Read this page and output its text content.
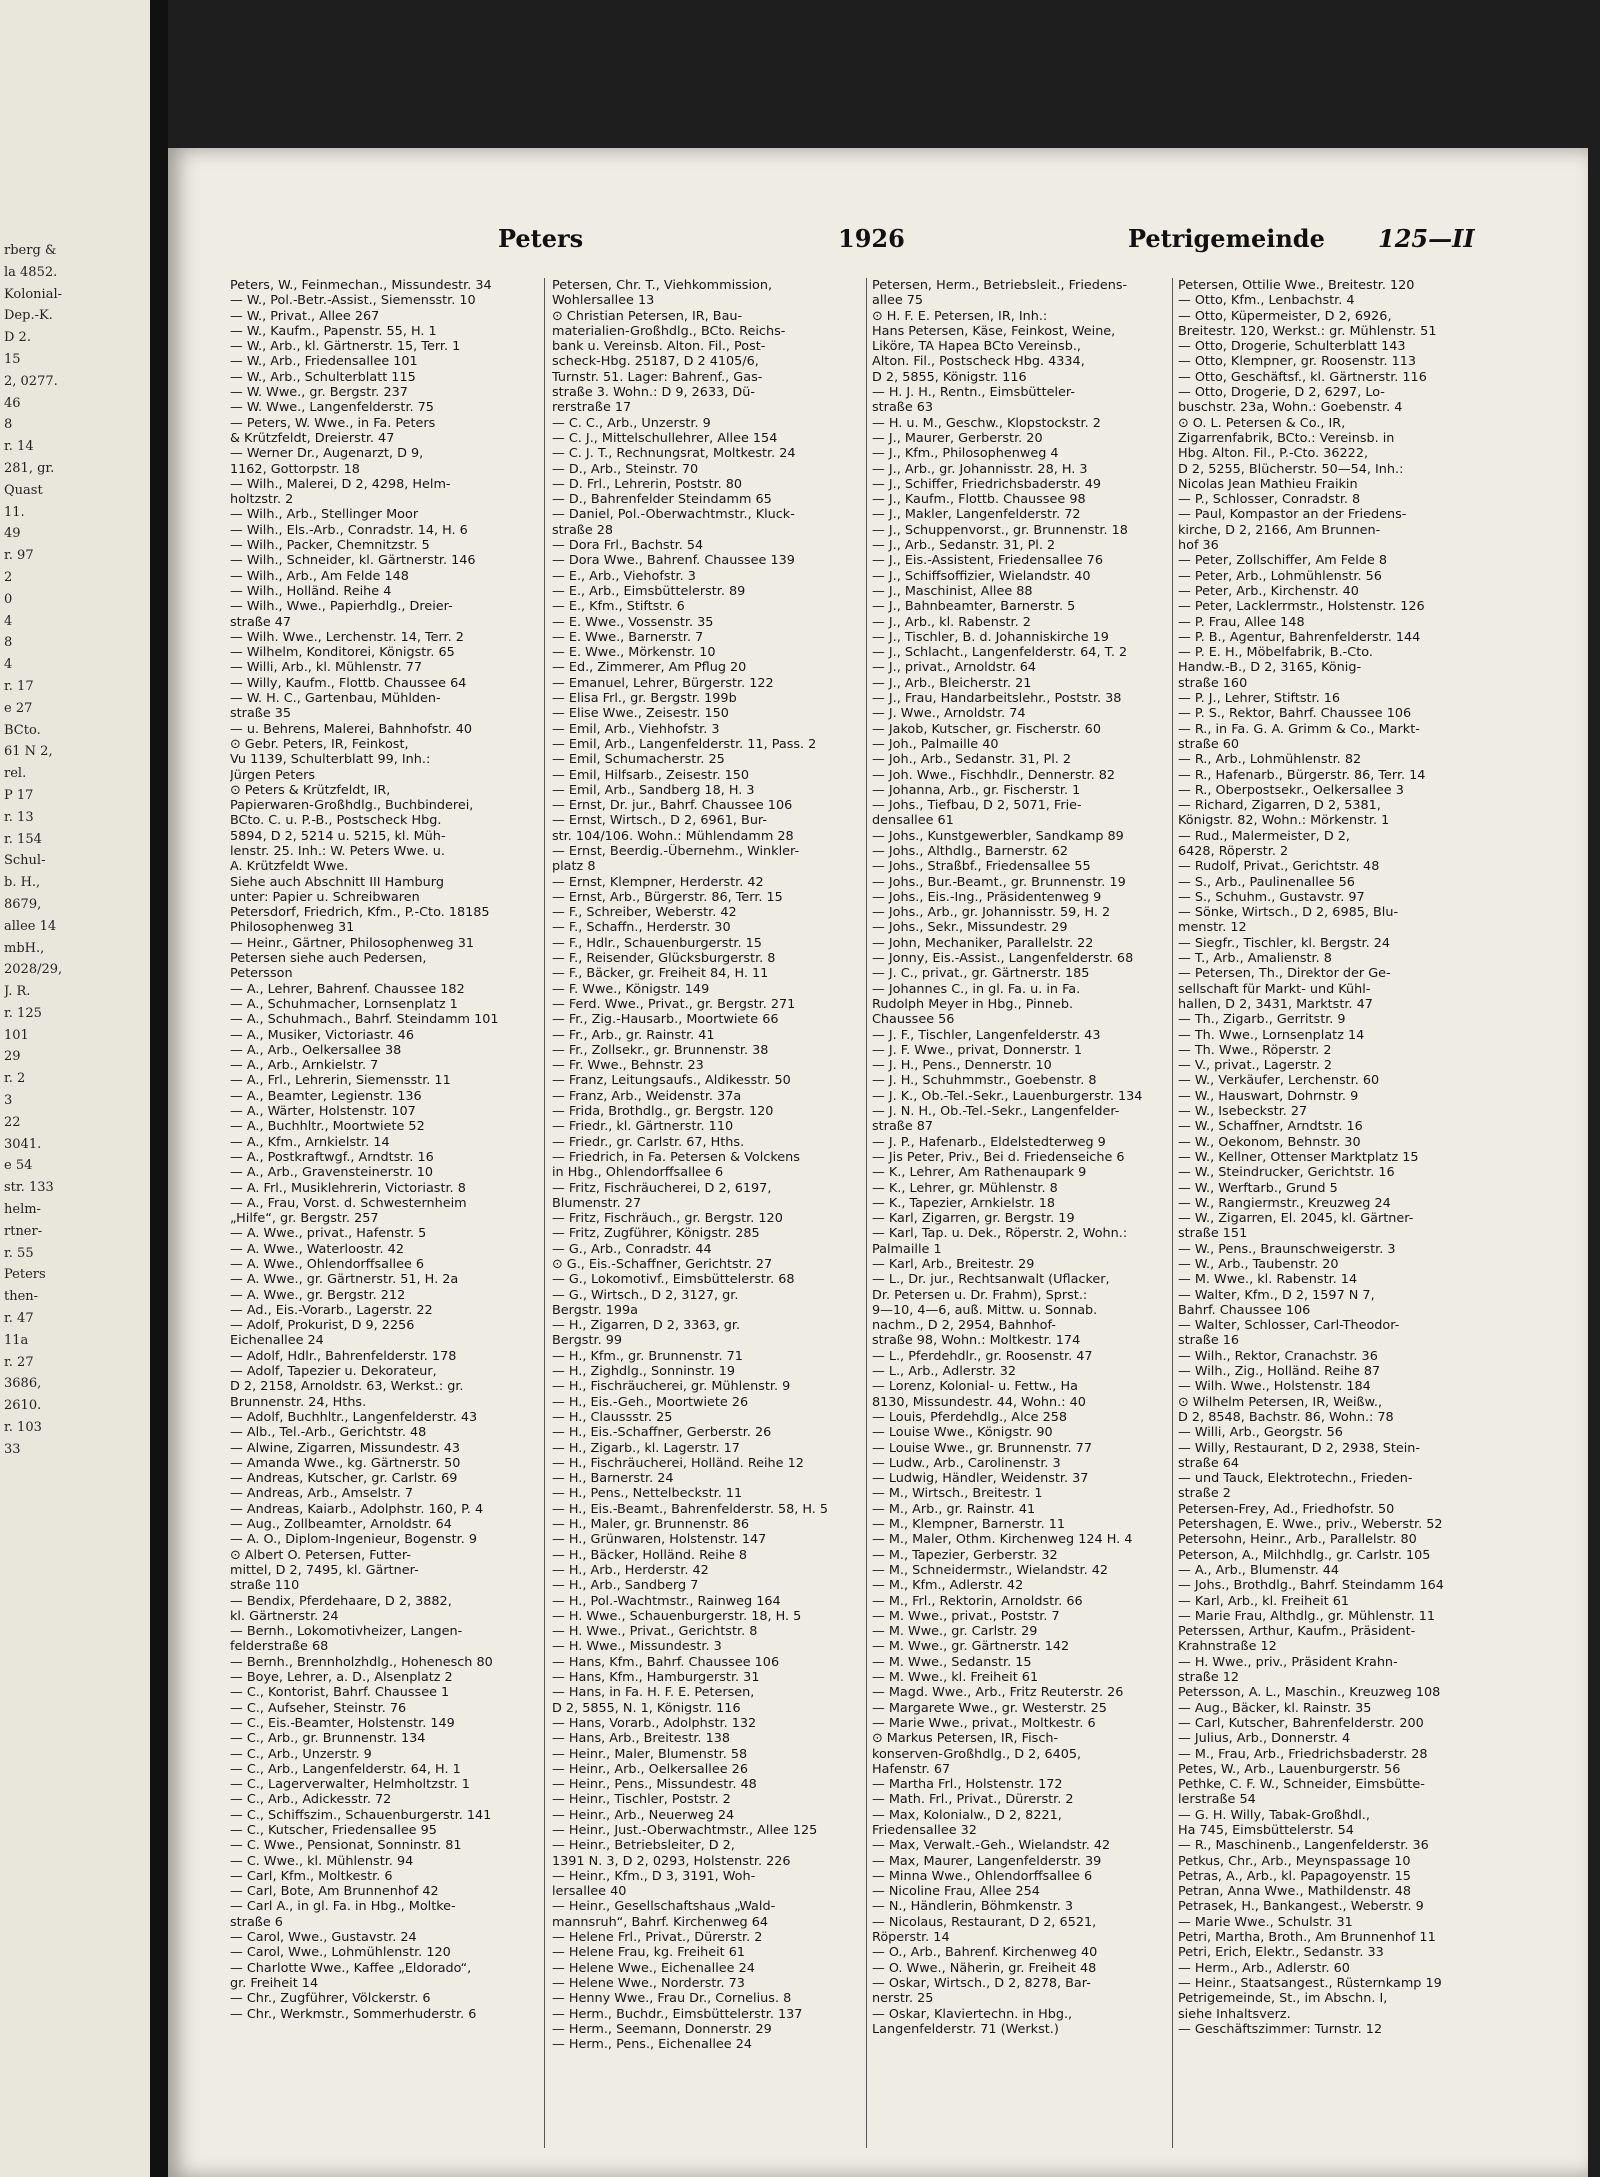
rberg &
la 4852.
Kolonial-
Dep.-K.
D 2.
15
2, 0277.
46
8
r. 14
281, gr.
Quast
11.
49
r. 97
2
0
4
8
4
r. 17
e 27
BCto.
61 N 2,
rel.
P 17
r. 13
r. 154
Schul-
b. H.,
8679,
allee 14
mbH.,
2028/29,
J. R.
r. 125
101
29
r. 2
3
22
3041.
e 54
str. 133
helm-
rtner-
r. 55
Peters
then-
r. 47
11a
r. 27
3686,
2610.
r. 103
33
Peters	1926	Petrigemeinde 125—II
Peters, W., Feinmechan., Missundestr. 34
— W., Pol.-Betr.-Assist., Siemensstr. 10
— W., Privat., Allee 267
— W., Kaufm., Papenstr. 55, H. 1
— W., Arb., kl. Gärtnerstr. 15, Terr. 1
— W., Arb., Friedensallee 101
— W., Arb., Schulterblatt 115
— W. Wwe., gr. Bergstr. 237
— W. Wwe., Langenfelderstr. 75
— Peters, W. Wwe., in Fa. Peters
& Krützfeldt, Dreierstr. 47
— Werner Dr., Augenarzt, D 9,
1162, Gottorpstr. 18
— Wilh., Malerei, D 2, 4298, Helm-
holtzstr. 2
— Wilh., Arb., Stellinger Moor
— Wilh., Els.-Arb., Conradstr. 14, H. 6
— Wilh., Packer, Chemnitzstr. 5
— Wilh., Schneider, kl. Gärtnerstr. 146
— Wilh., Arb., Am Felde 148
— Wilh., Holländ. Reihe 4
— Wilh., Wwe., Papierhdlg., Dreier-
straße 47
— Wilh. Wwe., Lerchenstr. 14, Terr. 2
— Wilhelm, Konditorei, Königstr. 65
— Willi, Arb., kl. Mühlenstr. 77
— Willy, Kaufm., Flottb. Chaussee 64
— W. H. C., Gartenbau, Mühlden-
straße 35
— u. Behrens, Malerei, Bahnhofstr. 40
⊙ Gebr. Peters, IR, Feinkost,
Vu 1139, Schulterblatt 99, Inh.:
Jürgen Peters
⊙ Peters & Krützfeldt, IR,
Papierwaren-Großhdlg., Buchbinderei,
BCto. C. u. P.-B., Postscheck Hbg.
5894, D 2, 5214 u. 5215, kl. Müh-
lenstr. 25. Inh.: W. Peters Wwe. u.
A. Krützfeldt Wwe.
Siehe auch Abschnitt III Hamburg
unter: Papier u. Schreibwaren
Petersdorf, Friedrich, Kfm., P.-Cto. 18185
Philosophenweg 31
— Heinr., Gärtner, Philosophenweg 31
Petersen siehe auch Pedersen,
Petersson
— A., Lehrer, Bahrenf. Chaussee 182
— A., Schuhmacher, Lornsenplatz 1
— A., Schuhmach., Bahrf. Steindamm 101
— A., Musiker, Victoriastr. 46
— A., Arb., Oelkersallee 38
— A., Arb., Arnkielstr. 7
— A., Frl., Lehrerin, Siemensstr. 11
— A., Beamter, Legienstr. 136
— A., Wärter, Holstenstr. 107
— A., Buchhltr., Moortwiete 52
— A., Kfm., Arnkielstr. 14
— A., Postkraftwgf., Arndtstr. 16
— A., Arb., Gravensteinerstr. 10
— A. Frl., Musiklehrerin, Victoriastr. 8
— A., Frau, Vorst. d. Schwesternheim
„Hilfe“, gr. Bergstr. 257
— A. Wwe., privat., Hafenstr. 5
— A. Wwe., Waterloostr. 42
— A. Wwe., Ohlendorffsallee 6
— A. Wwe., gr. Gärtnerstr. 51, H. 2a
— A. Wwe., gr. Bergstr. 212
— Ad., Eis.-Vorarb., Lagerstr. 22
— Adolf, Prokurist, D 9, 2256
Eichenallee 24
— Adolf, Hdlr., Bahrenfelderstr. 178
— Adolf, Tapezier u. Dekorateur,
D 2, 2158, Arnoldstr. 63, Werkst.: gr.
Brunnenstr. 24, Hths.
— Adolf, Buchhltr., Langenfelderstr. 43
— Alb., Tel.-Arb., Gerichtstr. 48
— Alwine, Zigarren, Missundestr. 43
— Amanda Wwe., kg. Gärtnerstr. 50
— Andreas, Kutscher, gr. Carlstr. 69
— Andreas, Arb., Amselstr. 7
— Andreas, Kaiarb., Adolphstr. 160, P. 4
— Aug., Zollbeamter, Arnoldstr. 64
— A. O., Diplom-Ingenieur, Bogenstr. 9
⊙ Albert O. Petersen, Futter-
mittel, D 2, 7495, kl. Gärtner-
straße 110
— Bendix, Pferdehaare, D 2, 3882,
kl. Gärtnerstr. 24
— Bernh., Lokomotivheizer, Langen-
felderstraße 68
— Bernh., Brennholzhdlg., Hohenesch 80
— Boye, Lehrer, a. D., Alsenplatz 2
— C., Kontorist, Bahrf. Chaussee 1
— C., Aufseher, Steinstr. 76
— C., Eis.-Beamter, Holstenstr. 149
— C., Arb., gr. Brunnenstr. 134
— C., Arb., Unzerstr. 9
— C., Arb., Langenfelderstr. 64, H. 1
— C., Lagerverwalter, Helmholtzstr. 1
— C., Arb., Adickesstr. 72
— C., Schiffszim., Schauenburgerstr. 141
— C., Kutscher, Friedensallee 95
— C. Wwe., Pensionat, Sonninstr. 81
— C. Wwe., kl. Mühlenstr. 94
— Carl, Kfm., Moltkestr. 6
— Carl, Bote, Am Brunnenhof 42
— Carl A., in gl. Fa. in Hbg., Moltke-
straße 6
— Carol, Wwe., Gustavstr. 24
— Carol, Wwe., Lohmühlenstr. 120
— Charlotte Wwe., Kaffee „Eldorado“,
gr. Freiheit 14
— Chr., Zugführer, Völckerstr. 6
— Chr., Werkmstr., Sommerhuderstr. 6
Petersen, Chr. T., Viehkommission,
Wohlersallee 13
⊙ Christian Petersen, IR, Bau-
materialien-Großhdlg., BCto. Reichs-
bank u. Vereinsb. Alton. Fil., Post-
scheck-Hbg. 25187, D 2 4105/6,
Turnstr. 51. Lager: Bahrenf., Gas-
straße 3. Wohn.: D 9, 2633, Dü-
rerstraße 17
— C. C., Arb., Unzerstr. 9
— C. J., Mittelschullehrer, Allee 154
— C. J. T., Rechnungsrat, Moltkestr. 24
— D., Arb., Steinstr. 70
— D. Frl., Lehrerin, Poststr. 80
— D., Bahrenfelder Steindamm 65
— Daniel, Pol.-Oberwachtmstr., Kluck-
straße 28
— Dora Frl., Bachstr. 54
— Dora Wwe., Bahrenf. Chaussee 139
— E., Arb., Viehofstr. 3
— E., Arb., Eimsbüttelerstr. 89
— E., Kfm., Stiftstr. 6
— E. Wwe., Vossenstr. 35
— E. Wwe., Barnerstr. 7
— E. Wwe., Mörkenstr. 10
— Ed., Zimmerer, Am Pflug 20
— Emanuel, Lehrer, Bürgerstr. 122
— Elisa Frl., gr. Bergstr. 199b
— Elise Wwe., Zeisestr. 150
— Emil, Arb., Viehhofstr. 3
— Emil, Arb., Langenfelderstr. 11, Pass. 2
— Emil, Schumacherstr. 25
— Emil, Hilfsarb., Zeisestr. 150
— Emil, Arb., Sandberg 18, H. 3
— Ernst, Dr. jur., Bahrf. Chaussee 106
— Ernst, Wirtsch., D 2, 6961, Bur-
str. 104/106. Wohn.: Mühlendamm 28
— Ernst, Beerdig.-Übernehm., Winkler-
platz 8
— Ernst, Klempner, Herderstr. 42
— Ernst, Arb., Bürgerstr. 86, Terr. 15
— F., Schreiber, Weberstr. 42
— F., Schaffn., Herderstr. 30
— F., Hdlr., Schauenburgerstr. 15
— F., Reisender, Glücksburgerstr. 8
— F., Bäcker, gr. Freiheit 84, H. 11
— F. Wwe., Königstr. 149
— Ferd. Wwe., Privat., gr. Bergstr. 271
— Fr., Zig.-Hausarb., Moortwiete 66
— Fr., Arb., gr. Rainstr. 41
— Fr., Zollsekr., gr. Brunnenstr. 38
— Fr. Wwe., Behnstr. 23
— Franz, Leitungsaufs., Aldikesstr. 50
— Franz, Arb., Weidenstr. 37a
— Frida, Brothdlg., gr. Bergstr. 120
— Friedr., kl. Gärtnerstr. 110
— Friedr., gr. Carlstr. 67, Hths.
— Friedrich, in Fa. Petersen & Volckens
in Hbg., Ohlendorffsallee 6
— Fritz, Fischräucherei, D 2, 6197,
Blumenstr. 27
— Fritz, Fischräuch., gr. Bergstr. 120
— Fritz, Zugführer, Königstr. 285
— G., Arb., Conradstr. 44
⊙ G., Eis.-Schaffner, Gerichtstr. 27
— G., Lokomotivf., Eimsbüttelerstr. 68
— G., Wirtsch., D 2, 3127, gr.
Bergstr. 199a
— H., Zigarren, D 2, 3363, gr.
Bergstr. 99
— H., Kfm., gr. Brunnenstr. 71
— H., Zighdlg., Sonninstr. 19
— H., Fischräucherei, gr. Mühlenstr. 9
— H., Eis.-Geh., Moortwiete 26
— H., Claussstr. 25
— H., Eis.-Schaffner, Gerberstr. 26
— H., Zigarb., kl. Lagerstr. 17
— H., Fischräucherei, Holländ. Reihe 12
— H., Barnerstr. 24
— H., Pens., Nettelbeckstr. 11
— H., Eis.-Beamt., Bahrenfelderstr. 58, H. 5
— H., Maler, gr. Brunnenstr. 86
— H., Grünwaren, Holstenstr. 147
— H., Bäcker, Holländ. Reihe 8
— H., Arb., Herderstr. 42
— H., Arb., Sandberg 7
— H., Pol.-Wachtmstr., Rainweg 164
— H. Wwe., Schauenburgerstr. 18, H. 5
— H. Wwe., Privat., Gerichtstr. 8
— H. Wwe., Missundestr. 3
— Hans, Kfm., Bahrf. Chaussee 106
— Hans, Kfm., Hamburgerstr. 31
— Hans, in Fa. H. F. E. Petersen,
D 2, 5855, N. 1, Königstr. 116
— Hans, Vorarb., Adolphstr. 132
— Hans, Arb., Breitestr. 138
— Heinr., Maler, Blumenstr. 58
— Heinr., Arb., Oelkersallee 26
— Heinr., Pens., Missundestr. 48
— Heinr., Tischler, Poststr. 2
— Heinr., Arb., Neuerweg 24
— Heinr., Just.-Oberwachtmstr., Allee 125
— Heinr., Betriebsleiter, D 2,
1391 N. 3, D 2, 0293, Holstenstr. 226
— Heinr., Kfm., D 3, 3191, Woh-
lersallee 40
— Heinr., Gesellschaftshaus „Wald-
mannsruh“, Bahrf. Kirchenweg 64
— Helene Frl., Privat., Dürerstr. 2
— Helene Frau, kg. Freiheit 61
— Helene Wwe., Eichenallee 24
— Helene Wwe., Norderstr. 73
— Henny Wwe., Frau Dr., Cornelius. 8
— Herm., Buchdr., Eimsbüttelerstr. 137
— Herm., Seemann, Donnerstr. 29
— Herm., Pens., Eichenallee 24
Petersen, Herm., Betriebsleit., Friedens-
allee 75
⊙ H. F. E. Petersen, IR, Inh.:
Hans Petersen, Käse, Feinkost, Weine,
Liköre, TA Hapea BCto Vereinsb.,
Alton. Fil., Postscheck Hbg. 4334,
D 2, 5855, Königstr. 116
— H. J. H., Rentn., Eimsbütteler-
straße 63
— H. u. M., Geschw., Klopstockstr. 2
— J., Maurer, Gerberstr. 20
— J., Kfm., Philosophenweg 4
— J., Arb., gr. Johannisstr. 28, H. 3
— J., Schiffer, Friedrichsbaderstr. 49
— J., Kaufm., Flottb. Chaussee 98
— J., Makler, Langenfelderstr. 72
— J., Schuppenvorst., gr. Brunnenstr. 18
— J., Arb., Sedanstr. 31, Pl. 2
— J., Eis.-Assistent, Friedensallee 76
— J., Schiffsoffizier, Wielandstr. 40
— J., Maschinist, Allee 88
— J., Bahnbeamter, Barnerstr. 5
— J., Arb., kl. Rabenstr. 2
— J., Tischler, B. d. Johanniskirche 19
— J., Schlacht., Langenfelderstr. 64, T. 2
— J., privat., Arnoldstr. 64
— J., Arb., Bleicherstr. 21
— J., Frau, Handarbeitslehr., Poststr. 38
— J. Wwe., Arnoldstr. 74
— Jakob, Kutscher, gr. Fischerstr. 60
— Joh., Palmaille 40
— Joh., Arb., Sedanstr. 31, Pl. 2
— Joh. Wwe., Fischhdlr., Dennerstr. 82
— Johanna, Arb., gr. Fischerstr. 1
— Johs., Tiefbau, D 2, 5071, Frie-
densallee 61
— Johs., Kunstgewerbler, Sandkamp 89
— Johs., Althdlg., Barnerstr. 62
— Johs., Straßbf., Friedensallee 55
— Johs., Bur.-Beamt., gr. Brunnenstr. 19
— Johs., Eis.-Ing., Präsidentenweg 9
— Johs., Arb., gr. Johannisstr. 59, H. 2
— Johs., Sekr., Missundestr. 29
— John, Mechaniker, Parallelstr. 22
— Jonny, Eis.-Assist., Langenfelderstr. 68
— J. C., privat., gr. Gärtnerstr. 185
— Johannes C., in gl. Fa. u. in Fa.
Rudolph Meyer in Hbg., Pinneb.
Chaussee 56
— J. F., Tischler, Langenfelderstr. 43
— J. F. Wwe., privat, Donnerstr. 1
— J. H., Pens., Dennerstr. 10
— J. H., Schuhmmstr., Goebenstr. 8
— J. K., Ob.-Tel.-Sekr., Lauenburgerstr. 134
— J. N. H., Ob.-Tel.-Sekr., Langenfelder-
straße 87
— J. P., Hafenarb., Eldelstedterweg 9
— Jis Peter, Priv., Bei d. Friedenseiche 6
— K., Lehrer, Am Rathenaupark 9
— K., Lehrer, gr. Mühlenstr. 8
— K., Tapezier, Arnkielstr. 18
— Karl, Zigarren, gr. Bergstr. 19
— Karl, Tap. u. Dek., Röperstr. 2, Wohn.:
Palmaille 1
— Karl, Arb., Breitestr. 29
— L., Dr. jur., Rechtsanwalt (Uflacker,
Dr. Petersen u. Dr. Frahm), Sprst.:
9—10, 4—6, auß. Mittw. u. Sonnab.
nachm., D 2, 2954, Bahnhof-
straße 98, Wohn.: Moltkestr. 174
— L., Pferdehdlr., gr. Roosenstr. 47
— L., Arb., Adlerstr. 32
— Lorenz, Kolonial- u. Fettw., Ha
8130, Missundestr. 44, Wohn.: 40
— Louis, Pferdehdlg., Alce 258
— Louise Wwe., Königstr. 90
— Louise Wwe., gr. Brunnenstr. 77
— Ludw., Arb., Carolinenstr. 3
— Ludwig, Händler, Weidenstr. 37
— M., Wirtsch., Breitestr. 1
— M., Arb., gr. Rainstr. 41
— M., Klempner, Barnerstr. 11
— M., Maler, Othm. Kirchenweg 124 H. 4
— M., Tapezier, Gerberstr. 32
— M., Schneidermstr., Wielandstr. 42
— M., Kfm., Adlerstr. 42
— M., Frl., Rektorin, Arnoldstr. 66
— M. Wwe., privat., Poststr. 7
— M. Wwe., gr. Carlstr. 29
— M. Wwe., gr. Gärtnerstr. 142
— M. Wwe., Sedanstr. 15
— M. Wwe., kl. Freiheit 61
— Magd. Wwe., Arb., Fritz Reuterstr. 26
— Margarete Wwe., gr. Westerstr. 25
— Marie Wwe., privat., Moltkestr. 6
⊙ Markus Petersen, IR, Fisch-
konserven-Großhdlg., D 2, 6405,
Hafenstr. 67
— Martha Frl., Holstenstr. 172
— Math. Frl., Privat., Dürerstr. 2
— Max, Kolonialw., D 2, 8221,
Friedensallee 32
— Max, Verwalt.-Geh., Wielandstr. 42
— Max, Maurer, Langenfelderstr. 39
— Minna Wwe., Ohlendorffsallee 6
— Nicoline Frau, Allee 254
— N., Händlerin, Böhmkenstr. 3
— Nicolaus, Restaurant, D 2, 6521,
Röperstr. 14
— O., Arb., Bahrenf. Kirchenweg 40
— O. Wwe., Näherin, gr. Freiheit 48
— Oskar, Wirtsch., D 2, 8278, Bar-
nerstr. 25
— Oskar, Klaviertechn. in Hbg.,
Langenfelderstr. 71 (Werkst.)
Petersen, Ottilie Wwe., Breitestr. 120
— Otto, Kfm., Lenbachstr. 4
— Otto, Küpermeister, D 2, 6926,
Breitestr. 120, Werkst.: gr. Mühlenstr. 51
— Otto, Drogerie, Schulterblatt 143
— Otto, Klempner, gr. Roosenstr. 113
— Otto, Geschäftsf., kl. Gärtnerstr. 116
— Otto, Drogerie, D 2, 6297, Lo-
buschstr. 23a, Wohn.: Goebenstr. 4
⊙ O. L. Petersen & Co., IR,
Zigarrenfabrik, BCto.: Vereinsb. in
Hbg. Alton. Fil., P.-Cto. 36222,
D 2, 5255, Blücherstr. 50—54, Inh.:
Nicolas Jean Mathieu Fraikin
— P., Schlosser, Conradstr. 8
— Paul, Kompastor an der Friedens-
kirche, D 2, 2166, Am Brunnen-
hof 36
— Peter, Zollschiffer, Am Felde 8
— Peter, Arb., Lohmühlenstr. 56
— Peter, Arb., Kirchenstr. 40
— Peter, Lacklerrmstr., Holstenstr. 126
— P. Frau, Allee 148
— P. B., Agentur, Bahrenfelderstr. 144
— P. E. H., Möbelfabrik, B.-Cto.
Handw.-B., D 2, 3165, König-
straße 160
— P. J., Lehrer, Stiftstr. 16
— P. S., Rektor, Bahrf. Chaussee 106
— R., in Fa. G. A. Grimm & Co., Markt-
straße 60
— R., Arb., Lohmühlenstr. 82
— R., Hafenarb., Bürgerstr. 86, Terr. 14
— R., Oberpostsekr., Oelkersallee 3
— Richard, Zigarren, D 2, 5381,
Königstr. 82, Wohn.: Mörkenstr. 1
— Rud., Malermeister, D 2,
6428, Röperstr. 2
— Rudolf, Privat., Gerichtstr. 48
— S., Arb., Paulinenallee 56
— S., Schuhm., Gustavstr. 97
— Sönke, Wirtsch., D 2, 6985, Blu-
menstr. 12
— Siegfr., Tischler, kl. Bergstr. 24
— T., Arb., Amalienstr. 8
— Petersen, Th., Direktor der Ge-
sellschaft für Markt- und Kühl-
hallen, D 2, 3431, Marktstr. 47
— Th., Zigarb., Gerritstr. 9
— Th. Wwe., Lornsenplatz 14
— Th. Wwe., Röperstr. 2
— V., privat., Lagerstr. 2
— W., Verkäufer, Lerchenstr. 60
— W., Hauswart, Dohrnstr. 9
— W., Isebeckstr. 27
— W., Schaffner, Arndtstr. 16
— W., Oekonom, Behnstr. 30
— W., Kellner, Ottenser Marktplatz 15
— W., Steindrucker, Gerichtstr. 16
— W., Werftarb., Grund 5
— W., Rangiermstr., Kreuzweg 24
— W., Zigarren, El. 2045, kl. Gärtner-
straße 151
— W., Pens., Braunschweigerstr. 3
— W., Arb., Taubenstr. 20
— M. Wwe., kl. Rabenstr. 14
— Walter, Kfm., D 2, 1597 N 7,
Bahrf. Chaussee 106
— Walter, Schlosser, Carl-Theodor-
straße 16
— Wilh., Rektor, Cranachstr. 36
— Wilh., Zig., Holländ. Reihe 87
— Wilh. Wwe., Holstenstr. 184
⊙ Wilhelm Petersen, IR, Weißw.,
D 2, 8548, Bachstr. 86, Wohn.: 78
— Willi, Arb., Georgstr. 56
— Willy, Restaurant, D 2, 2938, Stein-
straße 64
— und Tauck, Elektrotechn., Frieden-
straße 2
Petersen-Frey, Ad., Friedhofstr. 50
Petershagen, E. Wwe., priv., Weberstr. 52
Petersohn, Heinr., Arb., Parallelstr. 80
Peterson, A., Milchhdlg., gr. Carlstr. 105
— A., Arb., Blumenstr. 44
— Johs., Brothdlg., Bahrf. Steindamm 164
— Karl, Arb., kl. Freiheit 61
— Marie Frau, Althdlg., gr. Mühlenstr. 11
Peterssen, Arthur, Kaufm., Präsident-
Krahnstraße 12
— H. Wwe., priv., Präsident Krahn-
straße 12
Petersson, A. L., Maschin., Kreuzweg 108
— Aug., Bäcker, kl. Rainstr. 35
— Carl, Kutscher, Bahrenfelderstr. 200
— Julius, Arb., Donnerstr. 4
— M., Frau, Arb., Friedrichsbaderstr. 28
Petes, W., Arb., Lauenburgerstr. 56
Pethke, C. F. W., Schneider, Eimsbütte-
lerstraße 54
— G. H. Willy, Tabak-Großhdl.,
Ha 745, Eimsbüttelerstr. 54
— R., Maschinenb., Langenfelderstr. 36
Petkus, Chr., Arb., Meynspassage 10
Petras, A., Arb., kl. Papagoyenstr. 15
Petran, Anna Wwe., Mathildenstr. 48
Petrasek, H., Bankangest., Weberstr. 9
— Marie Wwe., Schulstr. 31
Petri, Martha, Broth., Am Brunnenhof 11
Petri, Erich, Elektr., Sedanstr. 33
— Herm., Arb., Adlerstr. 60
— Heinr., Staatsangest., Rüsternkamp 19
Petrigemeinde, St., im Abschn. I,
siehe Inhaltsverz.
— Geschäftszimmer: Turnstr. 12
